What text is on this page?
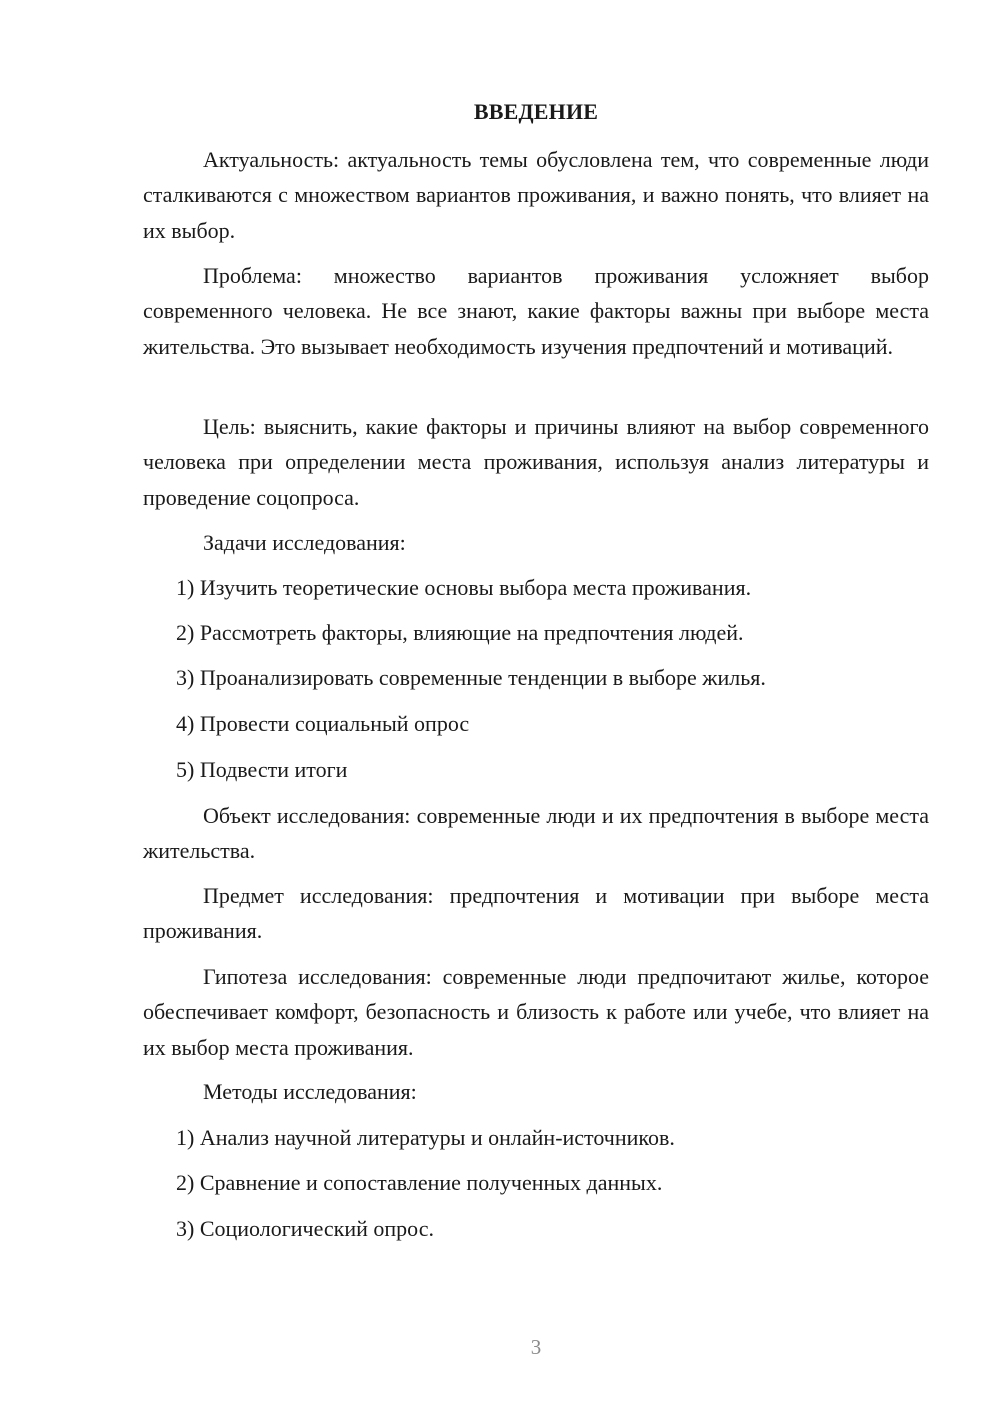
ВВЕДЕНИЕ

Актуальность: актуальность темы обусловлена тем, что современные люди сталкиваются с множеством вариантов проживания, и важно понять, что влияет на их выбор.

Проблема: множество вариантов проживания усложняет выбор современного человека. Не все знают, какие факторы важны при выборе места жительства. Это вызывает необходимость изучения предпочтений и мотиваций.

Цель: выяснить, какие факторы и причины влияют на выбор современного человека при определении места проживания, используя анализ литературы и проведение соцопроса.

Задачи исследования:

1) Изучить теоретические основы выбора места проживания.

2) Рассмотреть факторы, влияющие на предпочтения людей.

3) Проанализировать современные тенденции в выборе жилья.

4) Провести социальный опрос

5) Подвести итоги

Объект исследования: современные люди и их предпочтения в выборе места жительства.

Предмет исследования: предпочтения и мотивации при выборе места проживания.

Гипотеза исследования: современные люди предпочитают жилье, которое обеспечивает комфорт, безопасность и близость к работе или учебе, что влияет на их выбор места проживания.

Методы исследования:

1) Анализ научной литературы и онлайн-источников.

2) Сравнение и сопоставление полученных данных.

3) Социологический опрос.

3
